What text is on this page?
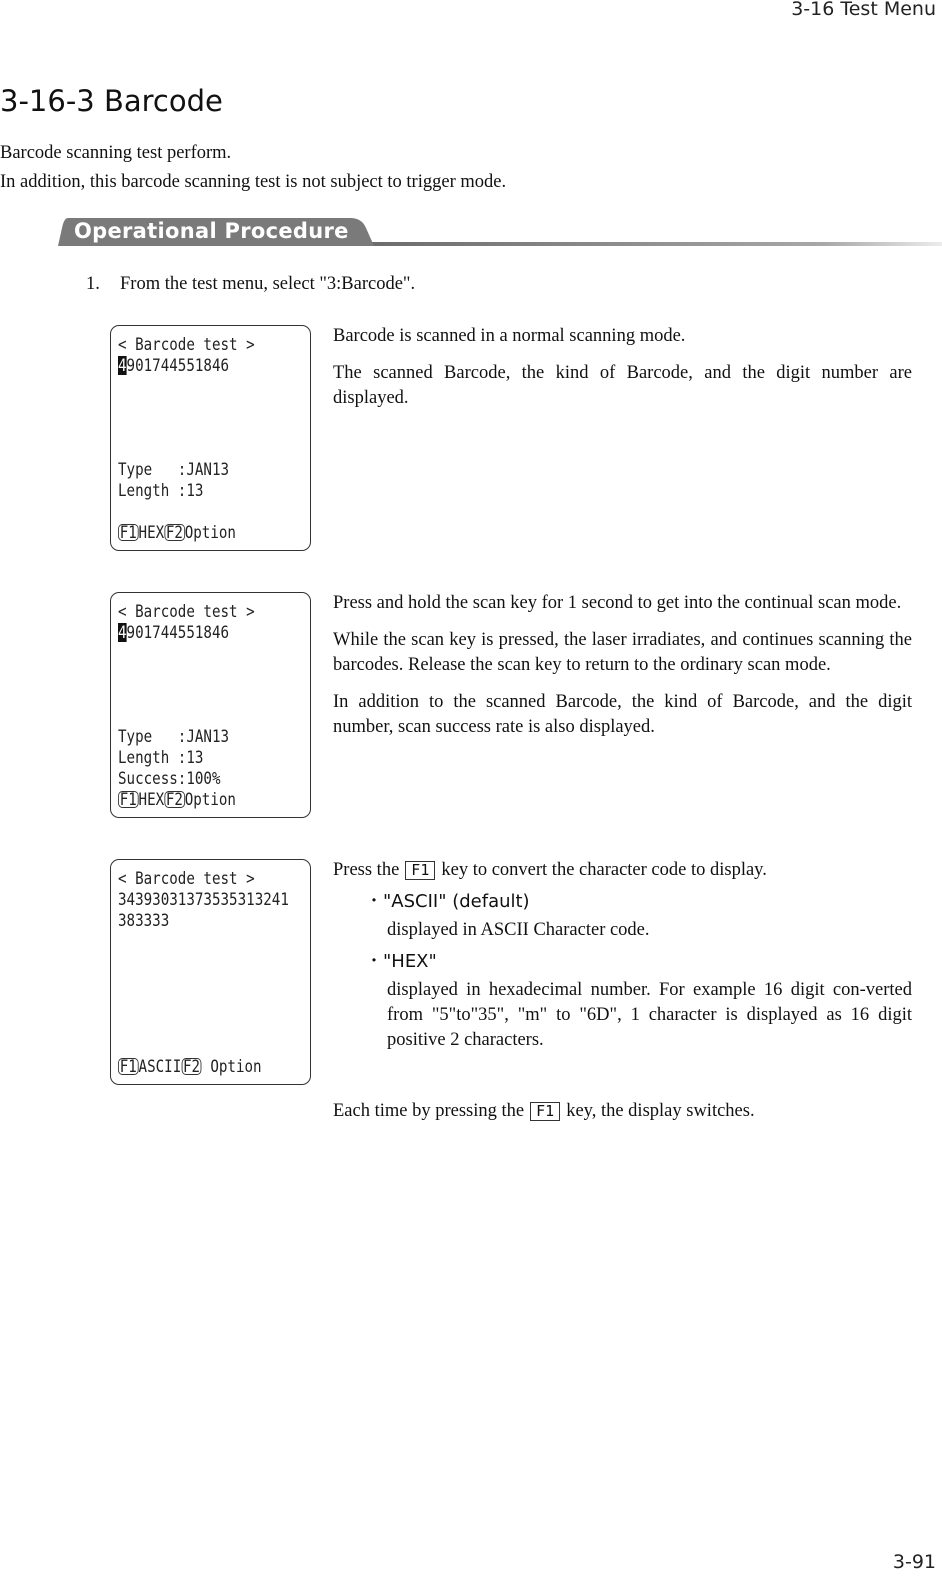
3-16 Test Menu
3-16-3 Barcode
Barcode scanning test perform.
In addition, this barcode scanning test is not subject to trigger mode.
Operational Procedure
1. From the test menu, select "3:Barcode".
< Barcode test >
4901744551846
Type   :JAN13
Length :13
F1 HEX F2 Option

Barcode is scanned in a normal scanning mode.

The scanned Barcode, the kind of Barcode, and the digit number are displayed.

< Barcode test >
4901744551846
Type   :JAN13
Length :13
Success:100%
F1 HEX F2 Option

Press and hold the scan key for 1 second to get into the continual scan mode.

While the scan key is pressed, the laser irradiates, and continues scanning the barcodes. Release the scan key to return to the ordinary scan mode.

In addition to the scanned Barcode, the kind of Barcode, and the digit number, scan success rate is also displayed.

< Barcode test >
34393031373535313241
383333
F1 ASCII F2 Option

Press the F1 key to convert the character code to display.

・"ASCII" (default)
displayed in ASCII Character code.
・"HEX"
displayed in hexadecimal number. For example 16 digit con-verted from "5"to"35", "m" to "6D", 1 character is displayed as 16 digit positive 2 characters.

Each time by pressing the F1 key, the display switches.

3-91
